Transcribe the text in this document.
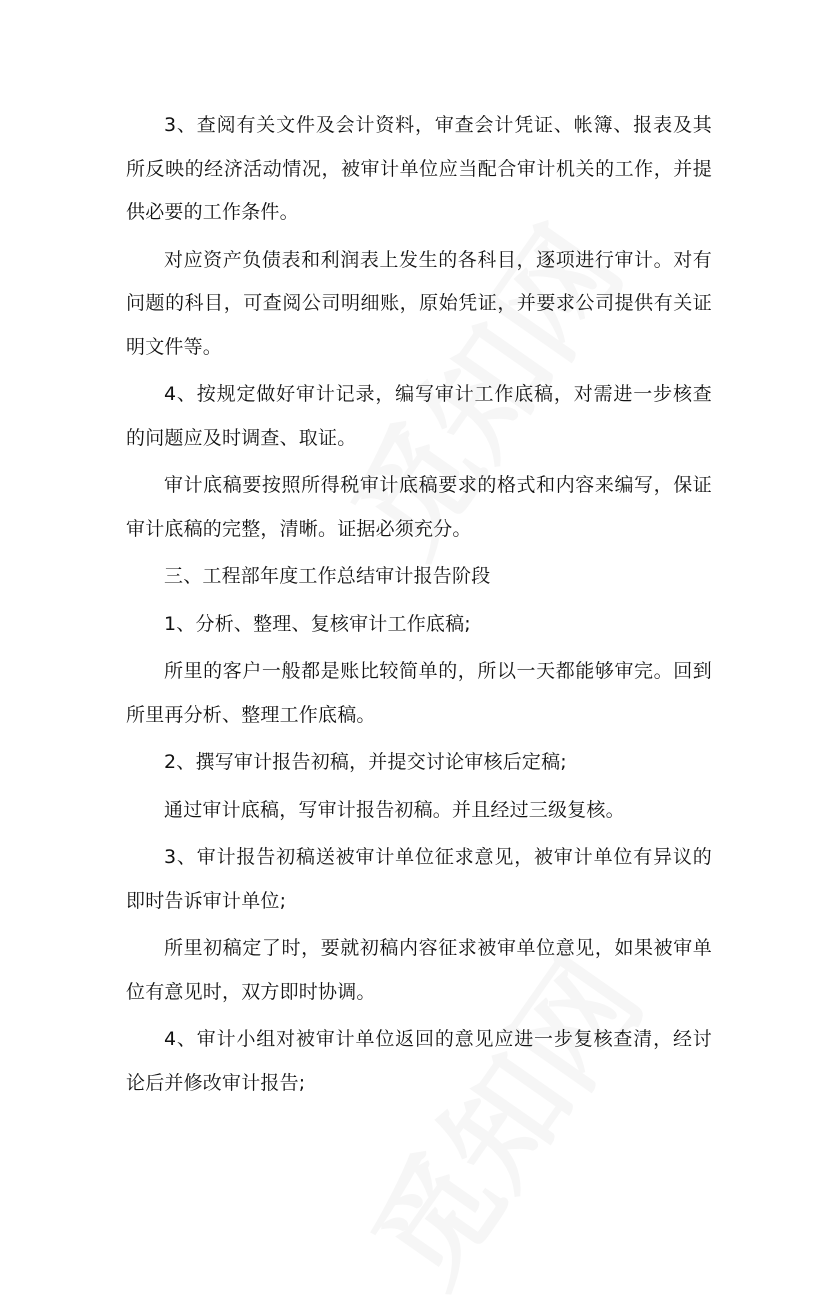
3、查阅有关文件及会计资料，审查会计凭证、帐簿、报表及其所反映的经济活动情况，被审计单位应当配合审计机关的工作，并提供必要的工作条件。

对应资产负债表和利润表上发生的各科目，逐项进行审计。对有问题的科目，可查阅公司明细账，原始凭证，并要求公司提供有关证明文件等。

4、按规定做好审计记录，编写审计工作底稿，对需进一步核查的问题应及时调查、取证。

审计底稿要按照所得税审计底稿要求的格式和内容来编写，保证审计底稿的完整，清晰。证据必须充分。

三、工程部年度工作总结审计报告阶段

1、分析、整理、复核审计工作底稿;

所里的客户一般都是账比较简单的，所以一天都能够审完。回到所里再分析、整理工作底稿。

2、撰写审计报告初稿，并提交讨论审核后定稿;

通过审计底稿，写审计报告初稿。并且经过三级复核。

3、审计报告初稿送被审计单位征求意见，被审计单位有异议的即时告诉审计单位;

所里初稿定了时，要就初稿内容征求被审单位意见，如果被审单位有意见时，双方即时协调。

4、审计小组对被审计单位返回的意见应进一步复核查清，经讨论后并修改审计报告;
